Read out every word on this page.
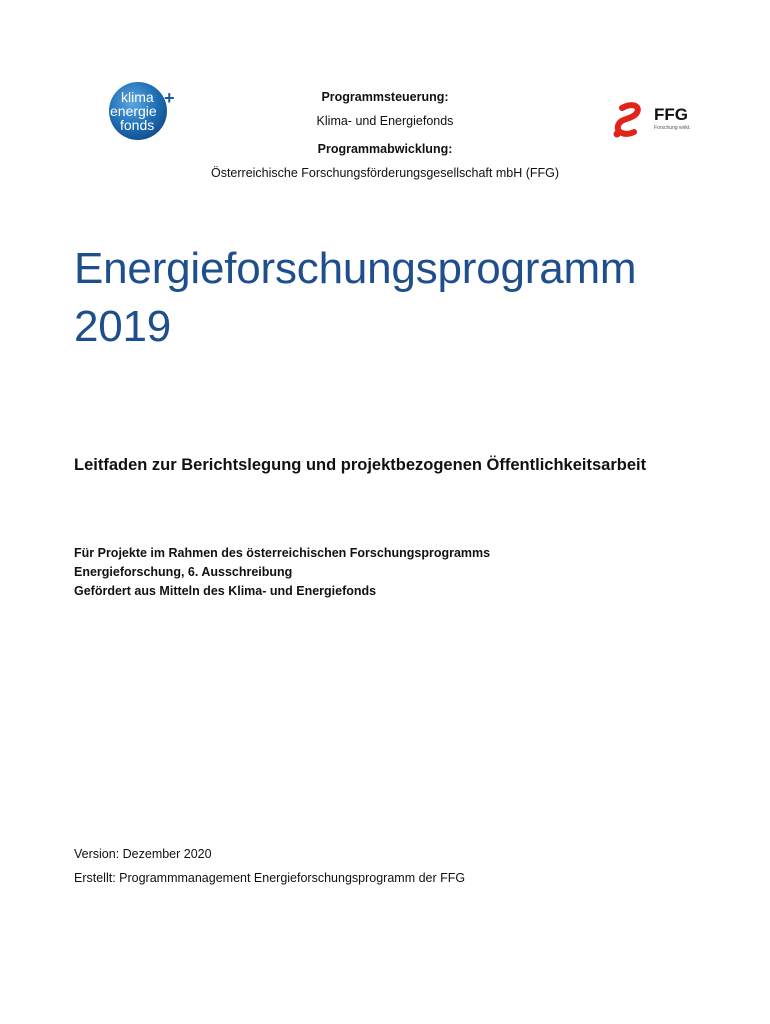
klima
energie
fonds
+
FFG
Forschung wirkt.
Programmsteuerung:
Klima- und Energiefonds
Programmabwicklung:
Österreichische Forschungsförderungsgesellschaft mbH (FFG)
Energieforschungsprogramm
2019
Leitfaden zur Berichtslegung und projektbezogenen Öffentlichkeitsarbeit
Für Projekte im Rahmen des österreichischen Forschungsprogramms
Energieforschung, 6. Ausschreibung
Gefördert aus Mitteln des Klima- und Energiefonds
Version: Dezember 2020
Erstellt: Programmmanagement Energieforschungsprogramm der FFG
